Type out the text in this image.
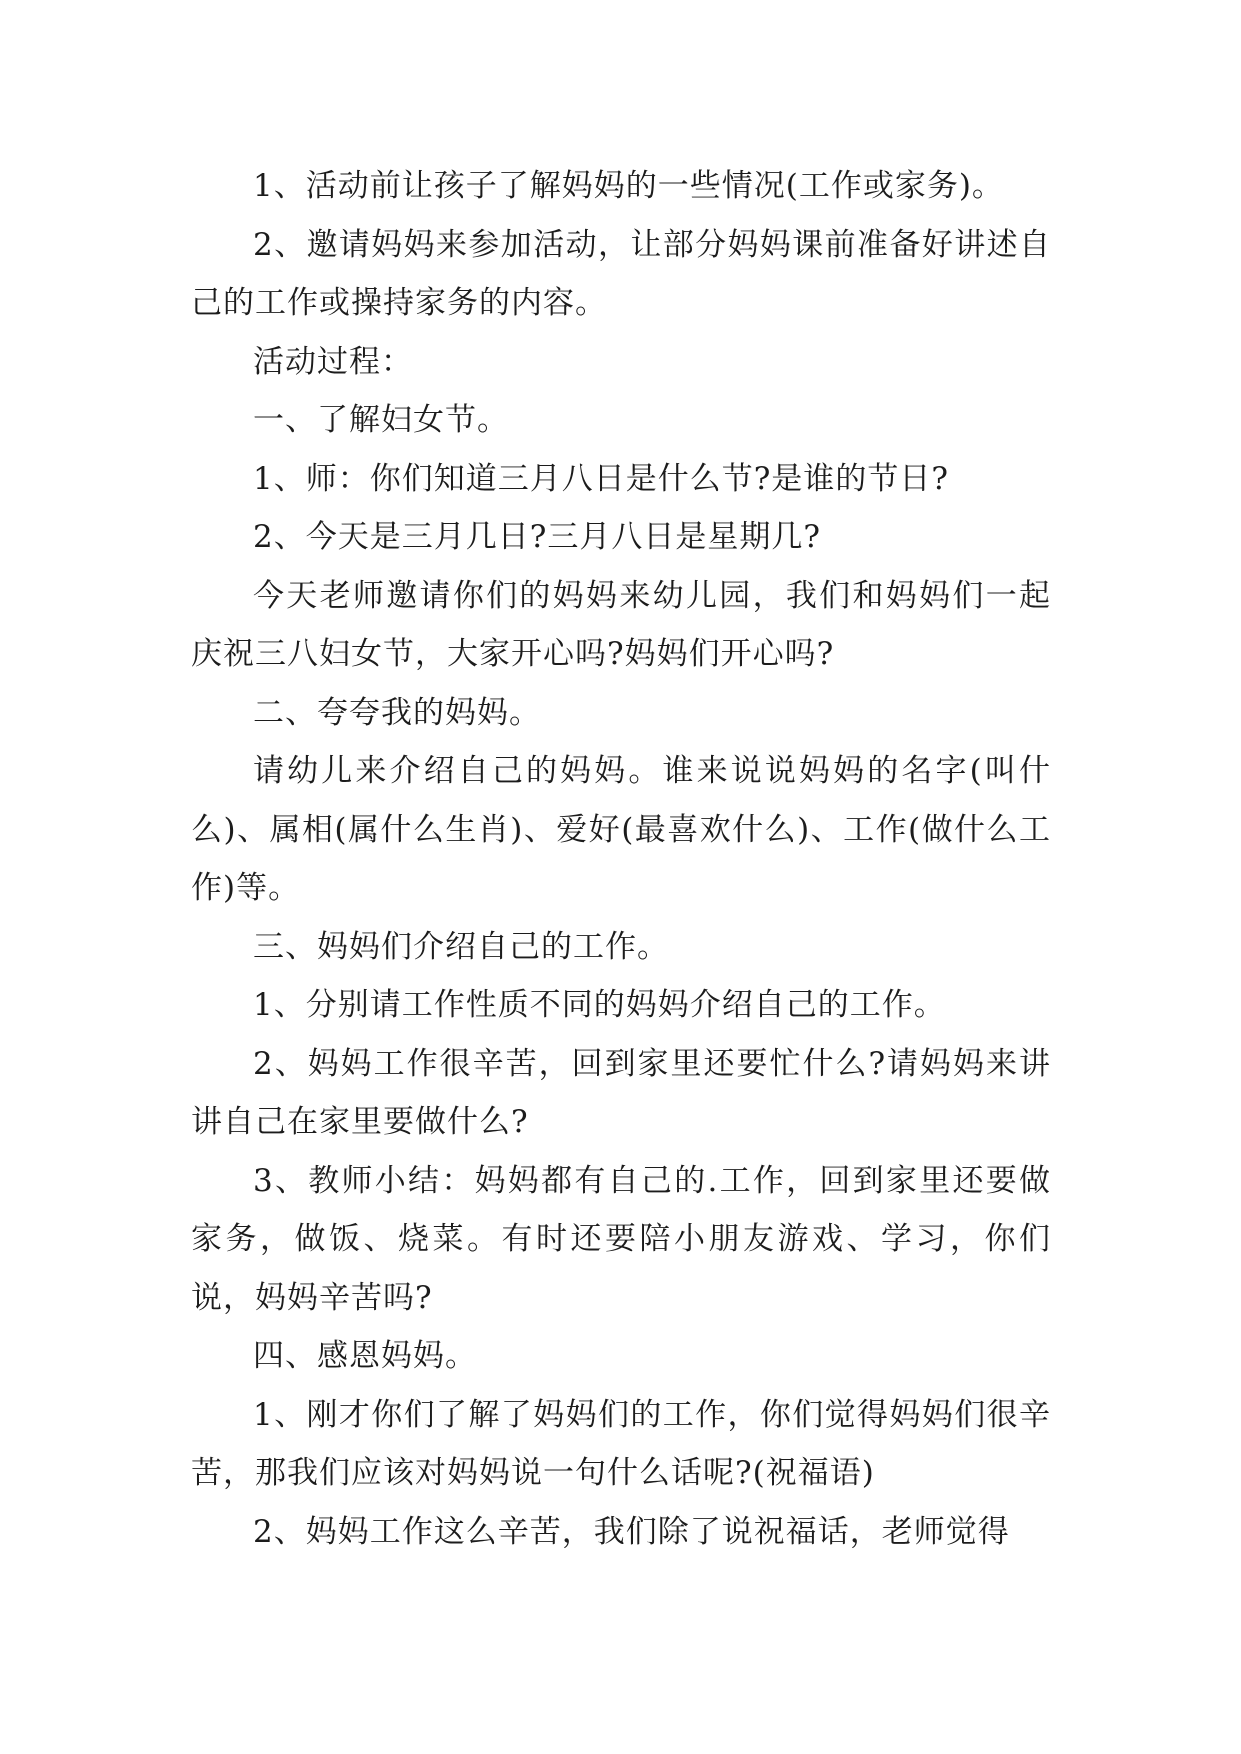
1、活动前让孩子了解妈妈的一些情况(工作或家务)。

2、邀请妈妈来参加活动，让部分妈妈课前准备好讲述自己的工作或操持家务的内容。

活动过程：

一、了解妇女节。

1、师：你们知道三月八日是什么节?是谁的节日?

2、今天是三月几日?三月八日是星期几?

今天老师邀请你们的妈妈来幼儿园，我们和妈妈们一起庆祝三八妇女节，大家开心吗?妈妈们开心吗?

二、夸夸我的妈妈。

请幼儿来介绍自己的妈妈。谁来说说妈妈的名字(叫什么)、属相(属什么生肖)、爱好(最喜欢什么)、工作(做什么工作)等。

三、妈妈们介绍自己的工作。

1、分别请工作性质不同的妈妈介绍自己的工作。

2、妈妈工作很辛苦，回到家里还要忙什么?请妈妈来讲讲自己在家里要做什么?

3、教师小结：妈妈都有自己的.工作，回到家里还要做家务，做饭、烧菜。有时还要陪小朋友游戏、学习，你们说，妈妈辛苦吗?

四、感恩妈妈。

1、刚才你们了解了妈妈们的工作，你们觉得妈妈们很辛苦，那我们应该对妈妈说一句什么话呢?(祝福语)

2、妈妈工作这么辛苦，我们除了说祝福话，老师觉得
